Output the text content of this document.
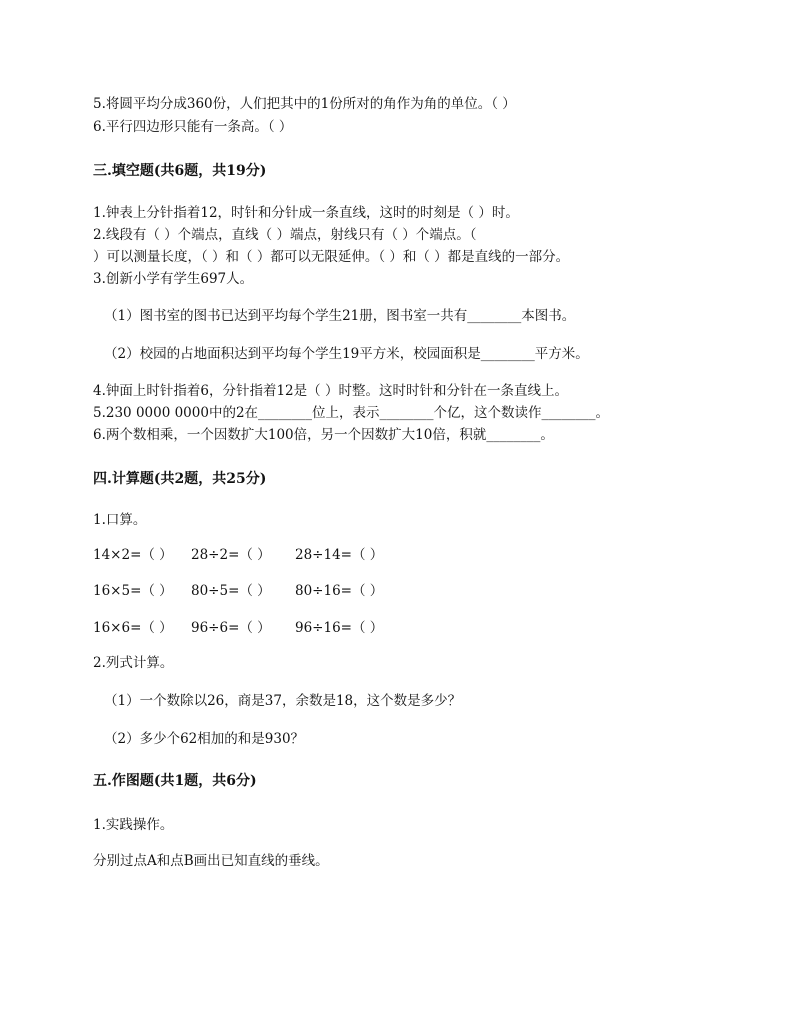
5.将圆平均分成360份，人们把其中的1份所对的角作为角的单位。（ ）
6.平行四边形只能有一条高。（ ）
三.填空题(共6题，共19分)
1.钟表上分针指着12，时针和分针成一条直线，这时的时刻是（ ）时。
2.线段有（ ）个端点，直线（ ）端点，射线只有（ ）个端点。（
）可以测量长度，（ ）和（ ）都可以无限延伸。（ ）和（ ）都是直线的一部分。
3.创新小学有学生697人。
（1）图书室的图书已达到平均每个学生21册，图书室一共有________本图书。
（2）校园的占地面积达到平均每个学生19平方米，校园面积是________平方米。
4.钟面上时针指着6，分针指着12是（ ）时整。这时时针和分针在一条直线上。
5.230 0000 0000中的2在________位上，表示________个亿，这个数读作________。
6.两个数相乘，一个因数扩大100倍，另一个因数扩大10倍，积就________。
四.计算题(共2题，共25分)
1.口算。
14×2=（ ） 28÷2=（ ） 28÷14=（ ）
16×5=（ ） 80÷5=（ ） 80÷16=（ ）
16×6=（ ） 96÷6=（ ） 96÷16=（ ）
2.列式计算。
（1）一个数除以26，商是37，余数是18，这个数是多少？
（2）多少个62相加的和是930？
五.作图题(共1题，共6分)
1.实践操作。
分别过点A和点B画出已知直线的垂线。
